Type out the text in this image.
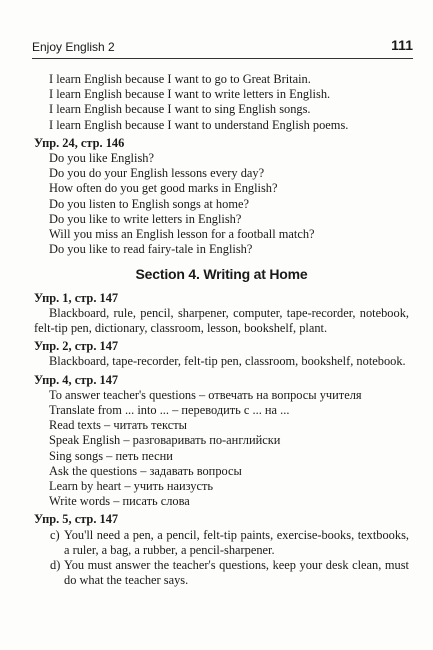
Enjoy English 2	111
I learn English because I want to go to Great Britain.
I learn English because I want to write letters in English.
I learn English because I want to sing English songs.
I learn English because I want to understand English poems.
Упр. 24, стр. 146
Do you like English?
Do you do your English lessons every day?
How often do you get good marks in English?
Do you listen to English songs at home?
Do you like to write letters in English?
Will you miss an English lesson for a football match?
Do you like to read fairy-tale in English?
Section 4. Writing at Home
Упр. 1, стр. 147
Blackboard, rule, pencil, sharpener, computer, tape-recorder, notebook, felt-tip pen, dictionary, classroom, lesson, bookshelf, plant.
Упр. 2, стр. 147
Blackboard, tape-recorder, felt-tip pen, classroom, bookshelf, notebook.
Упр. 4, стр. 147
To answer teacher's questions – отвечать на вопросы учителя
Translate from ... into ... – переводить с ... на ...
Read texts – читать тексты
Speak English – разговаривать по-английски
Sing songs – петь песни
Ask the questions – задавать вопросы
Learn by heart – учить наизусть
Write words – писать слова
Упр. 5, стр. 147
c) You'll need a pen, a pencil, felt-tip paints, exercise-books, textbooks, a ruler, a bag, a rubber, a pencil-sharpener.
d) You must answer the teacher's questions, keep your desk clean, must do what the teacher says.
